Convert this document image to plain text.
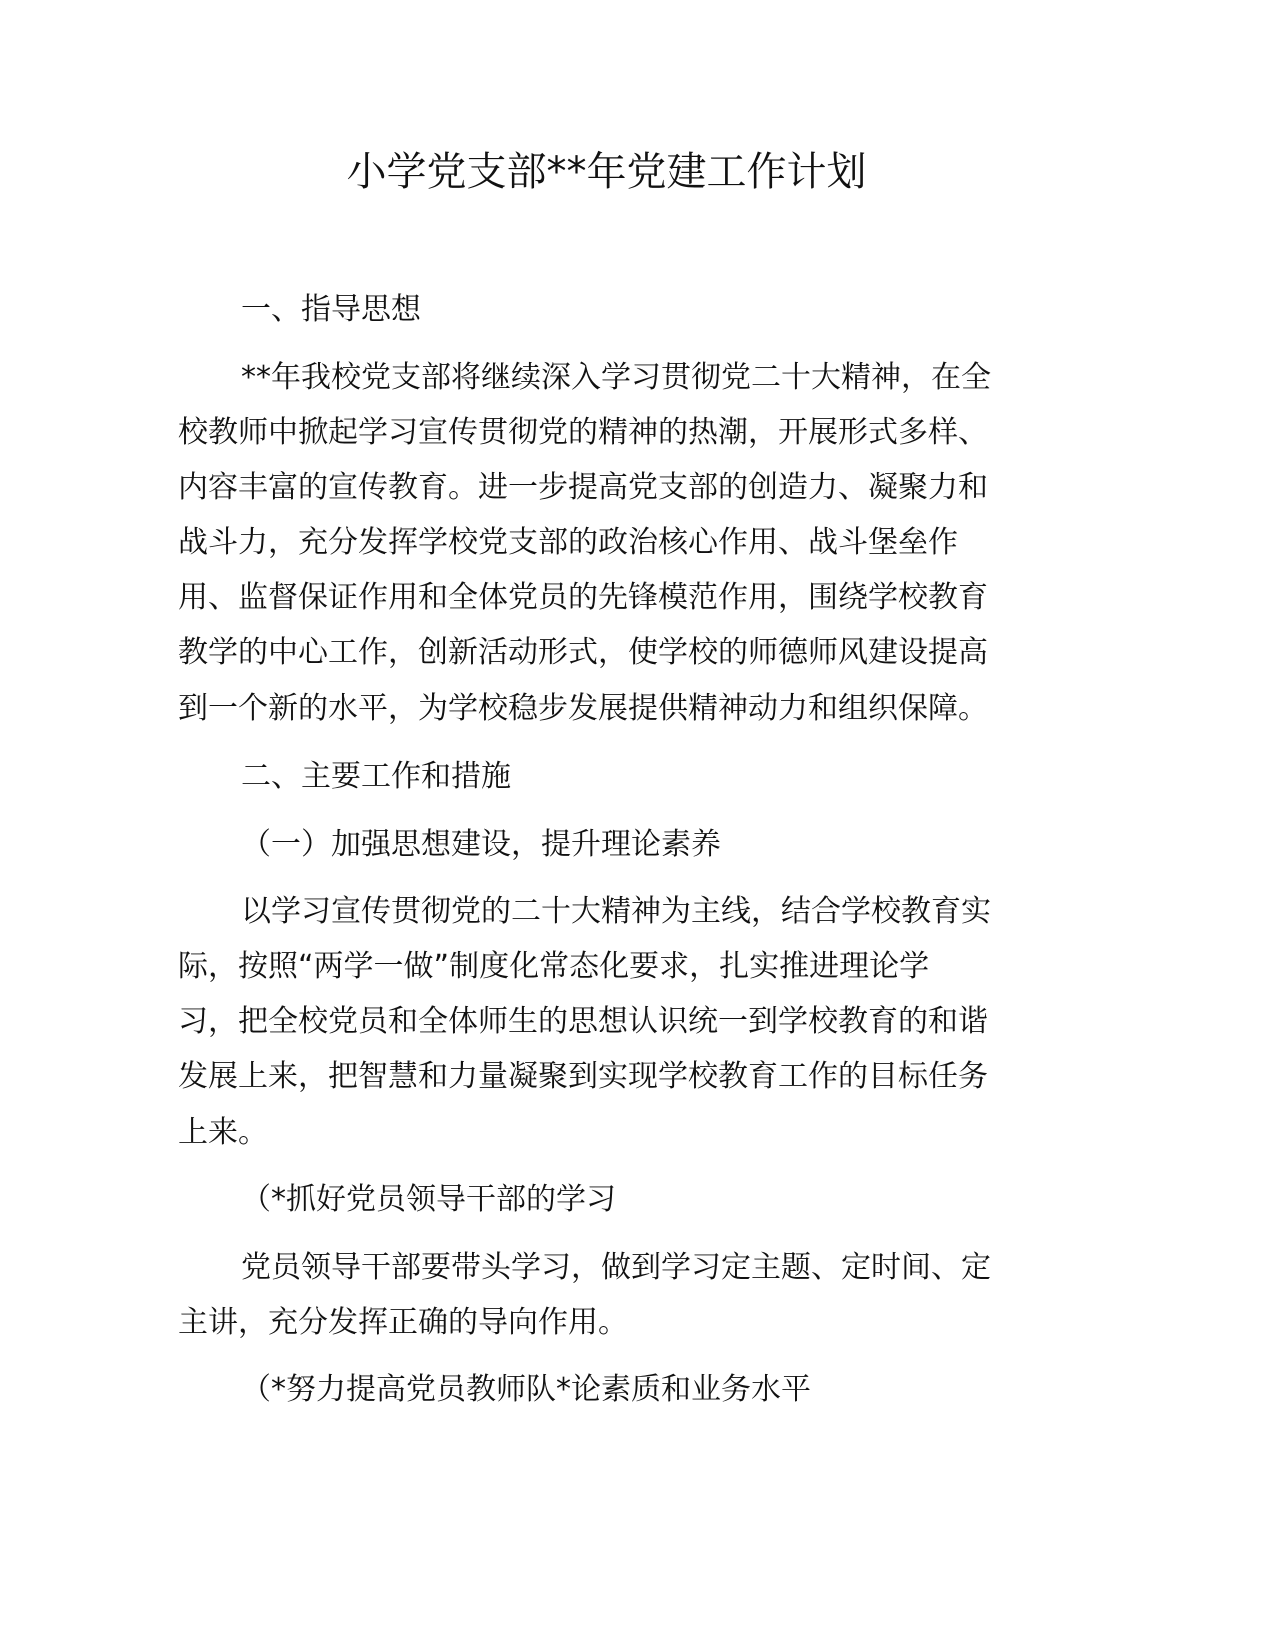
小学党支部**年党建工作计划
一、指导思想
**年我校党支部将继续深入学习贯彻党二十大精神，在全
校教师中掀起学习宣传贯彻党的精神的热潮，开展形式多样、
内容丰富的宣传教育。进一步提高党支部的创造力、凝聚力和
战斗力，充分发挥学校党支部的政治核心作用、战斗堡垒作
用、监督保证作用和全体党员的先锋模范作用，围绕学校教育
教学的中心工作，创新活动形式，使学校的师德师风建设提高
到一个新的水平，为学校稳步发展提供精神动力和组织保障。
二、主要工作和措施
（一）加强思想建设，提升理论素养
以学习宣传贯彻党的二十大精神为主线，结合学校教育实
际，按照“两学一做”制度化常态化要求，扎实推进理论学
习，把全校党员和全体师生的思想认识统一到学校教育的和谐
发展上来，把智慧和力量凝聚到实现学校教育工作的目标任务
上来。
（*抓好党员领导干部的学习
党员领导干部要带头学习，做到学习定主题、定时间、定
主讲，充分发挥正确的导向作用。
（*努力提高党员教师队*论素质和业务水平
